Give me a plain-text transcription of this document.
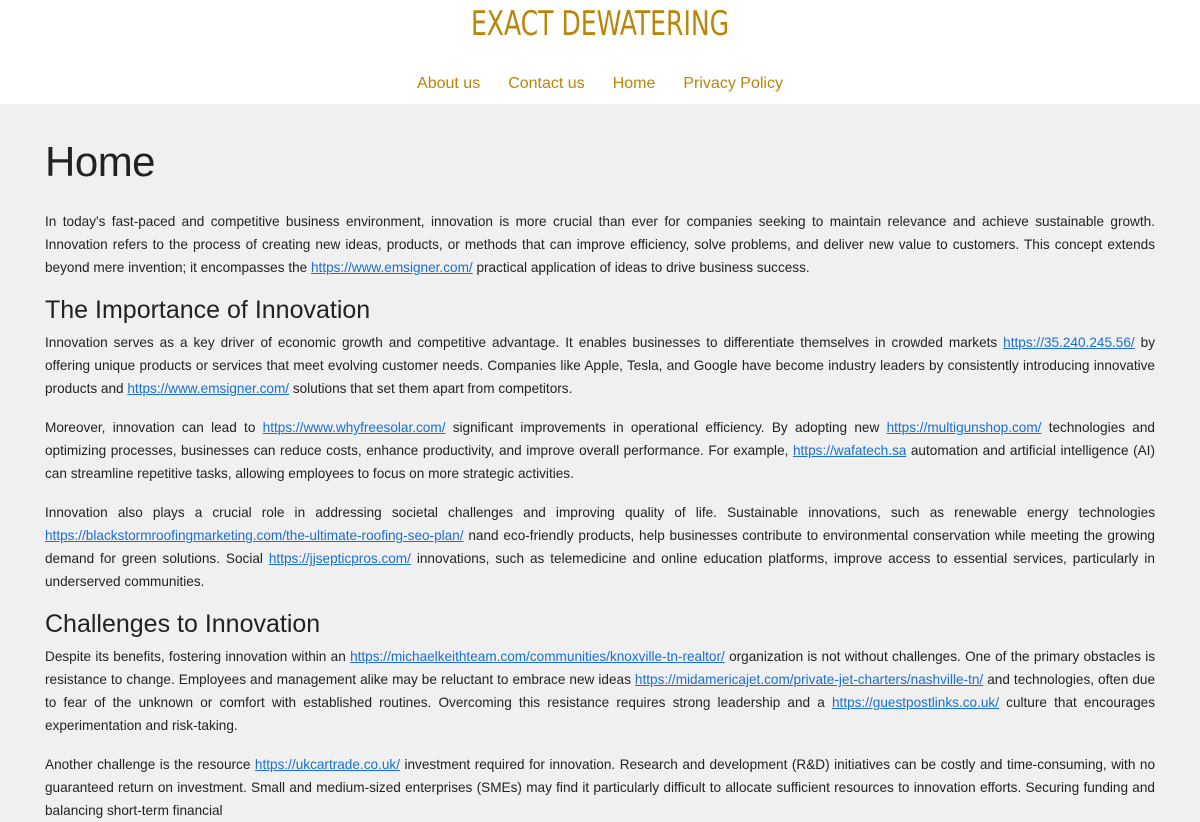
EXACT DEWATERING
About us Contact us Home Privacy Policy
Home

In today's fast-paced and competitive business environment, innovation is more crucial than ever for companies seeking to maintain relevance and achieve sustainable growth. Innovation refers to the process of creating new ideas, products, or methods that can improve efficiency, solve problems, and deliver new value to customers. This concept extends beyond mere invention; it encompasses the https://www.emsigner.com/ practical application of ideas to drive business success.

The Importance of Innovation

Innovation serves as a key driver of economic growth and competitive advantage. It enables businesses to differentiate themselves in crowded markets https://35.240.245.56/ by offering unique products or services that meet evolving customer needs. Companies like Apple, Tesla, and Google have become industry leaders by consistently introducing innovative products and https://www.emsigner.com/ solutions that set them apart from competitors.

Moreover, innovation can lead to https://www.whyfreesolar.com/ significant improvements in operational efficiency. By adopting new https://multigunshop.com/ technologies and optimizing processes, businesses can reduce costs, enhance productivity, and improve overall performance. For example, https://wafatech.sa automation and artificial intelligence (AI) can streamline repetitive tasks, allowing employees to focus on more strategic activities.

Innovation also plays a crucial role in addressing societal challenges and improving quality of life. Sustainable innovations, such as renewable energy technologies https://blackstormroofingmarketing.com/the-ultimate-roofing-seo-plan/ nand eco-friendly products, help businesses contribute to environmental conservation while meeting the growing demand for green solutions. Social https://jjsepticpros.com/ innovations, such as telemedicine and online education platforms, improve access to essential services, particularly in underserved communities.

Challenges to Innovation

Despite its benefits, fostering innovation within an https://michaelkeithteam.com/communities/knoxville-tn-realtor/ organization is not without challenges. One of the primary obstacles is resistance to change. Employees and management alike may be reluctant to embrace new ideas https://midamericajet.com/private-jet-charters/nashville-tn/ and technologies, often due to fear of the unknown or comfort with established routines. Overcoming this resistance requires strong leadership and a https://guestpostlinks.co.uk/ culture that encourages experimentation and risk-taking.

Another challenge is the resource https://ukcartrade.co.uk/ investment required for innovation. Research and development (R&D) initiatives can be costly and time-consuming, with no guaranteed return on investment. Small and medium-sized enterprises (SMEs) may find it particularly difficult to allocate sufficient resources to innovation efforts. Securing funding and balancing short-term financial
